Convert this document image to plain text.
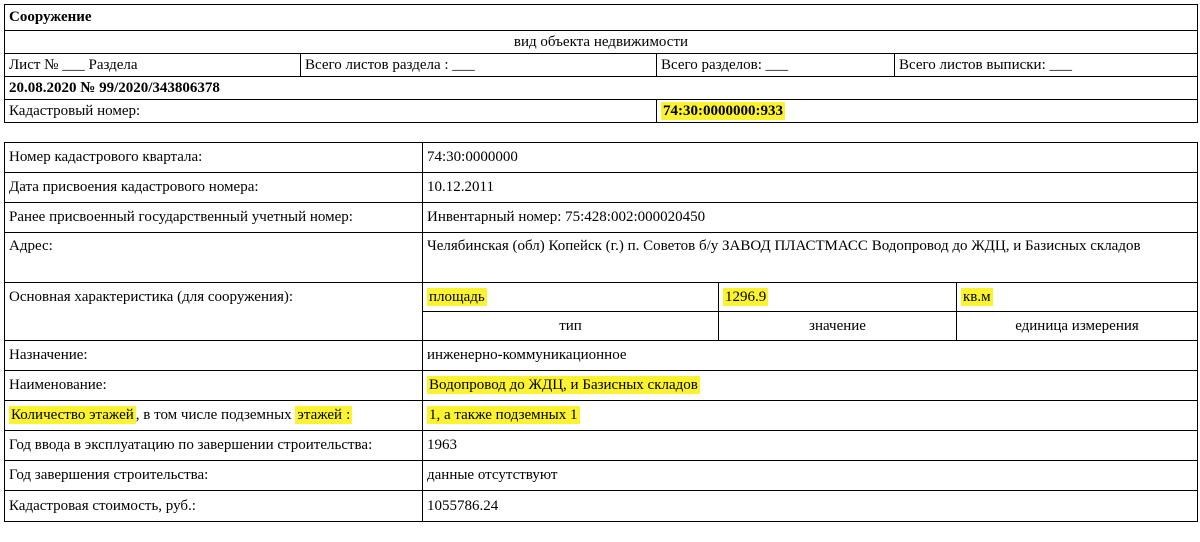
Сооружение			
вид объекта недвижимости			
Лист № ___ Раздела	Всего листов раздела : ___	Всего разделов: ___	Всего листов выписки: ___
20.08.2020 № 99/2020/343806378			
Кадастровый номер:		74:30:0000000:933	
Номер кадастрового квартала:	74:30:0000000		
Дата присвоения кадастрового номера:	10.12.2011		
Ранее присвоенный государственный учетный номер:	Инвентарный номер: 75:428:002:000020450		
Адрес:	Челябинская (обл) Копейск (г.) п. Советов б/у ЗАВОД ПЛАСТМАСС Водопровод до ЖДЦ, и Базисных складов		
Основная характеристика (для сооружения):	площадь	1296.9	кв.м
	тип	значение	единица измерения
Назначение:	инженерно-коммуникационное		
Наименование:	Водопровод до ЖДЦ, и Базисных складов		
Количество этажей , в том числе подземных этажей :	1, а также подземных 1		
Год ввода в эксплуатацию по завершении строительства:	1963		
Год завершения строительства:	данные отсутствуют		
Кадастровая стоимость, руб.:	1055786.24		
